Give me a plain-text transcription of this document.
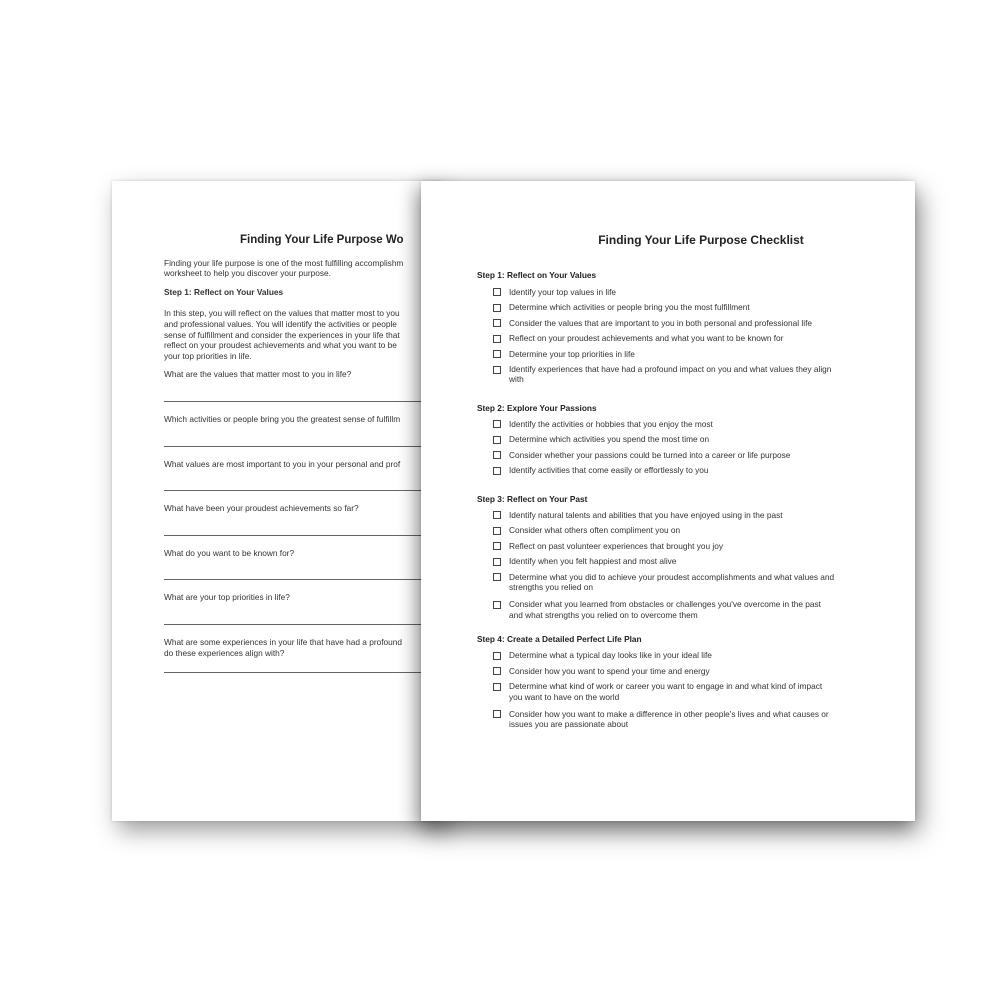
Finding Your Life Purpose Wo
Finding your life purpose is one of the most fulfilling accomplishm
worksheet to help you discover your purpose.
Step 1: Reflect on Your Values
In this step, you will reflect on the values that matter most to you
and professional values. You will identify the activities or people
sense of fulfillment and consider the experiences in your life that
reflect on your proudest achievements and what you want to be
your top priorities in life.
What are the values that matter most to you in life?
Which activities or people bring you the greatest sense of fulfillm
What values are most important to you in your personal and prof
What have been your proudest achievements so far?
What do you want to be known for?
What are your top priorities in life?
What are some experiences in your life that have had a profound
do these experiences align with?
Finding Your Life Purpose Checklist
Step 1: Reflect on Your Values
Identify your top values in life
Determine which activities or people bring you the most fulfillment
Consider the values that are important to you in both personal and professional life
Reflect on your proudest achievements and what you want to be known for
Determine your top priorities in life
Identify experiences that have had a profound impact on you and what values they align
with
Step 2: Explore Your Passions
Identify the activities or hobbies that you enjoy the most
Determine which activities you spend the most time on
Consider whether your passions could be turned into a career or life purpose
Identify activities that come easily or effortlessly to you
Step 3: Reflect on Your Past
Identify natural talents and abilities that you have enjoyed using in the past
Consider what others often compliment you on
Reflect on past volunteer experiences that brought you joy
Identify when you felt happiest and most alive
Determine what you did to achieve your proudest accomplishments and what values and
strengths you relied on
Consider what you learned from obstacles or challenges you've overcome in the past
and what strengths you relied on to overcome them
Step 4: Create a Detailed Perfect Life Plan
Determine what a typical day looks like in your ideal life
Consider how you want to spend your time and energy
Determine what kind of work or career you want to engage in and what kind of impact
you want to have on the world
Consider how you want to make a difference in other people's lives and what causes or
issues you are passionate about
